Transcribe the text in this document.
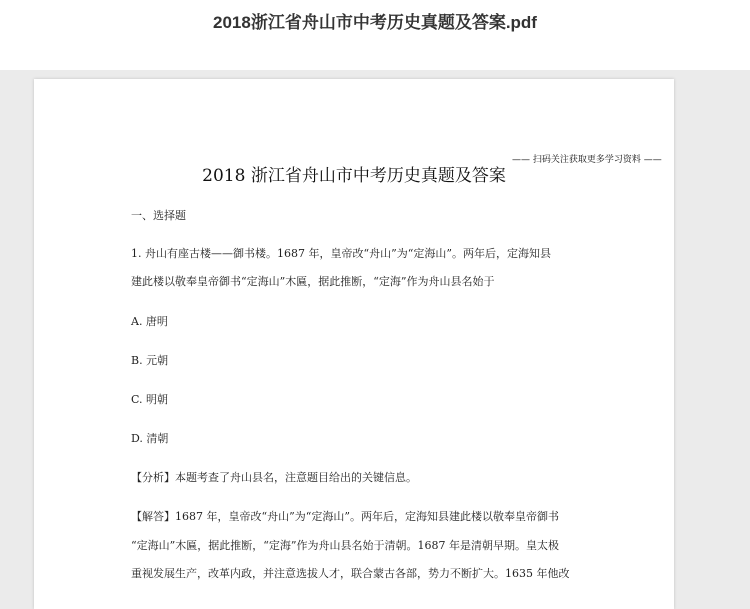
2018浙江省舟山市中考历史真题及答案.pdf
—— 扫码关注获取更多学习资料 ——
2018 浙江省舟山市中考历史真题及答案
一、选择题
1. 舟山有座古楼——御书楼。1687 年，皇帝改“舟山”为“定海山”。两年后，定海知县
建此楼以敬奉皇帝御书“定海山”木匾，据此推断，“定海”作为舟山县名始于
A. 唐明
B. 元朝
C. 明朝
D. 清朝
【分析】本题考查了舟山县名，注意题目给出的关键信息。
【解答】1687 年，皇帝改“舟山”为“定海山”。两年后，定海知县建此楼以敬奉皇帝御书
“定海山”木匾，据此推断，“定海”作为舟山县名始于清朝。1687 年是清朝早期。皇太极
重视发展生产，改革内政，并注意选拔人才，联合蒙古各部，势力不断扩大。1635 年他改
